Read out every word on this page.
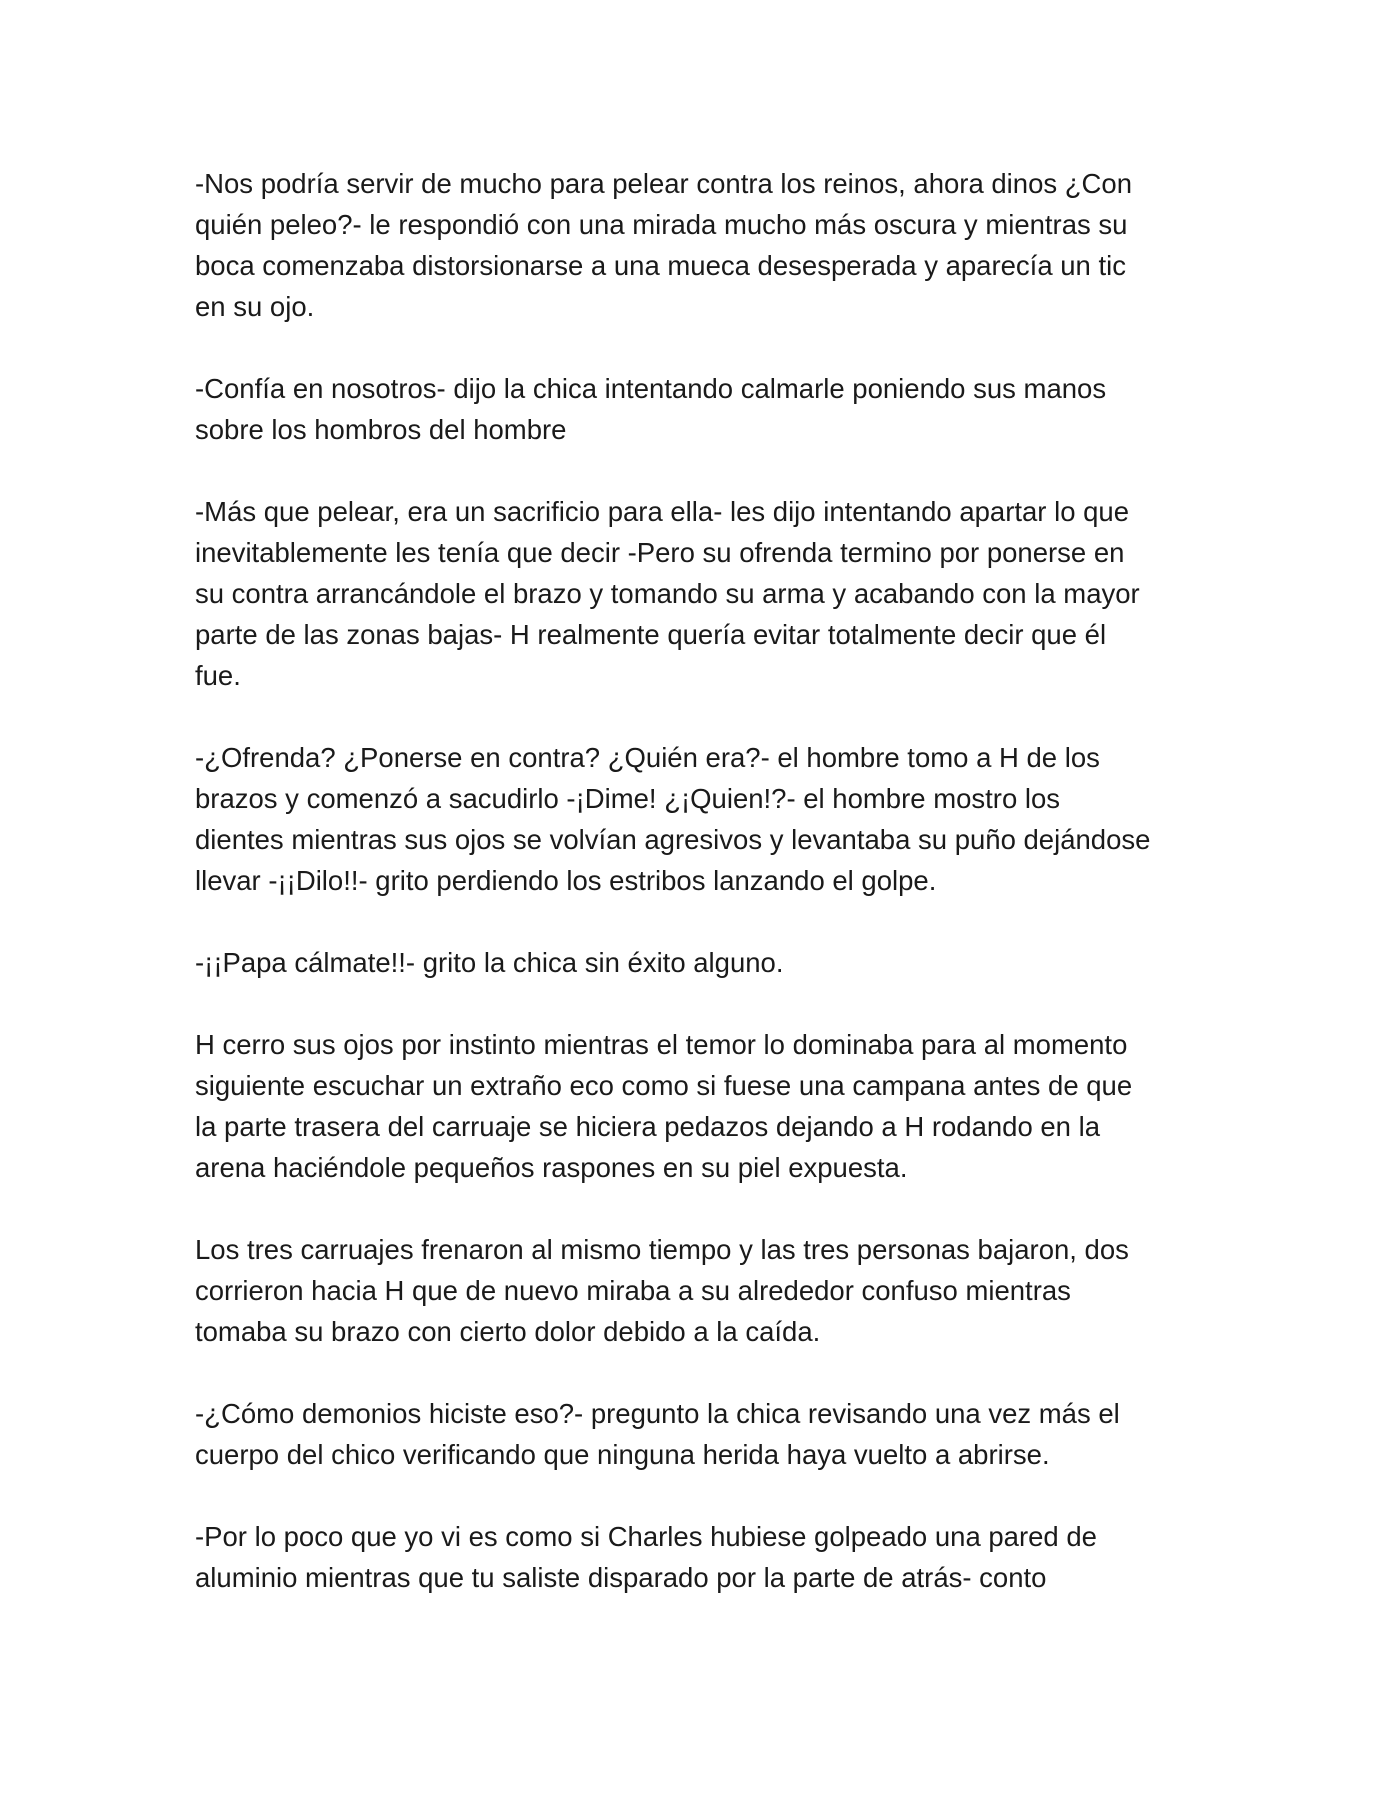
-Nos podría servir de mucho para pelear contra los reinos, ahora dinos ¿Con
quién peleo?- le respondió con una mirada mucho más oscura y mientras su
boca comenzaba distorsionarse a una mueca desesperada y aparecía un tic
en su ojo.

-Confía en nosotros- dijo la chica intentando calmarle poniendo sus manos
sobre los hombros del hombre

-Más que pelear, era un sacrificio para ella- les dijo intentando apartar lo que
inevitablemente les tenía que decir -Pero su ofrenda termino por ponerse en
su contra arrancándole el brazo y tomando su arma y acabando con la mayor
parte de las zonas bajas- H realmente quería evitar totalmente decir que él
fue.

-¿Ofrenda? ¿Ponerse en contra? ¿Quién era?- el hombre tomo a H de los
brazos y comenzó a sacudirlo -¡Dime! ¿¡Quien!?- el hombre mostro los
dientes mientras sus ojos se volvían agresivos y levantaba su puño dejándose
llevar -¡¡Dilo!!- grito perdiendo los estribos lanzando el golpe.

-¡¡Papa cálmate!!- grito la chica sin éxito alguno.

H cerro sus ojos por instinto mientras el temor lo dominaba para al momento
siguiente escuchar un extraño eco como si fuese una campana antes de que
la parte trasera del carruaje se hiciera pedazos dejando a H rodando en la
arena haciéndole pequeños raspones en su piel expuesta.

Los tres carruajes frenaron al mismo tiempo y las tres personas bajaron, dos
corrieron hacia H que de nuevo miraba a su alrededor confuso mientras
tomaba su brazo con cierto dolor debido a la caída.

-¿Cómo demonios hiciste eso?- pregunto la chica revisando una vez más el
cuerpo del chico verificando que ninguna herida haya vuelto a abrirse.

-Por lo poco que yo vi es como si Charles hubiese golpeado una pared de
aluminio mientras que tu saliste disparado por la parte de atrás- conto
